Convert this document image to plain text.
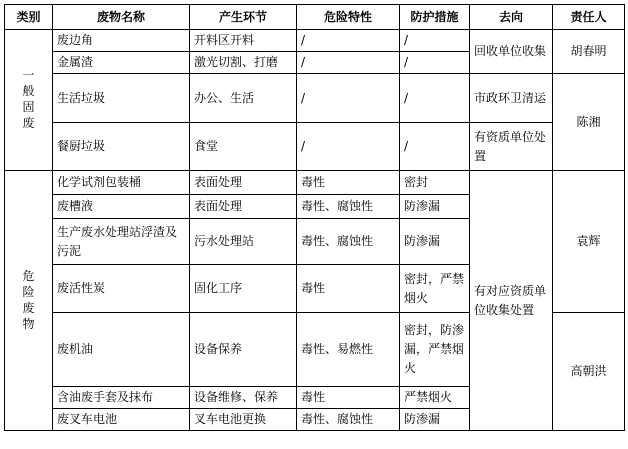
类别	废物名称	产生环节	危险特性	防护措施	去向	责任人
一般固废	废边角	开料区开料	/	/	回收单位收集	胡春明
	金属渣	激光切割、打磨	/	/		
	生活垃圾	办公、生活	/	/	市政环卫清运	陈湘
	餐厨垃圾	食堂	/	/	有资质单位处置	
危险废物	化学试剂包装桶	表面处理	毒性	密封	有对应资质单位收集处置	袁辉
	废槽液	表面处理	毒性、腐蚀性	防渗漏		
	生产废水处理站浮渣及污泥	污水处理站	毒性、腐蚀性	防渗漏		
	废活性炭	固化工序	毒性	密封，严禁烟火		
	废机油	设备保养	毒性、易燃性	密封，防渗漏，严禁烟火		高朝洪
	含油废手套及抹布	设备维修、保养	毒性	严禁烟火		
	废叉车电池	叉车电池更换	毒性、腐蚀性	防渗漏		
